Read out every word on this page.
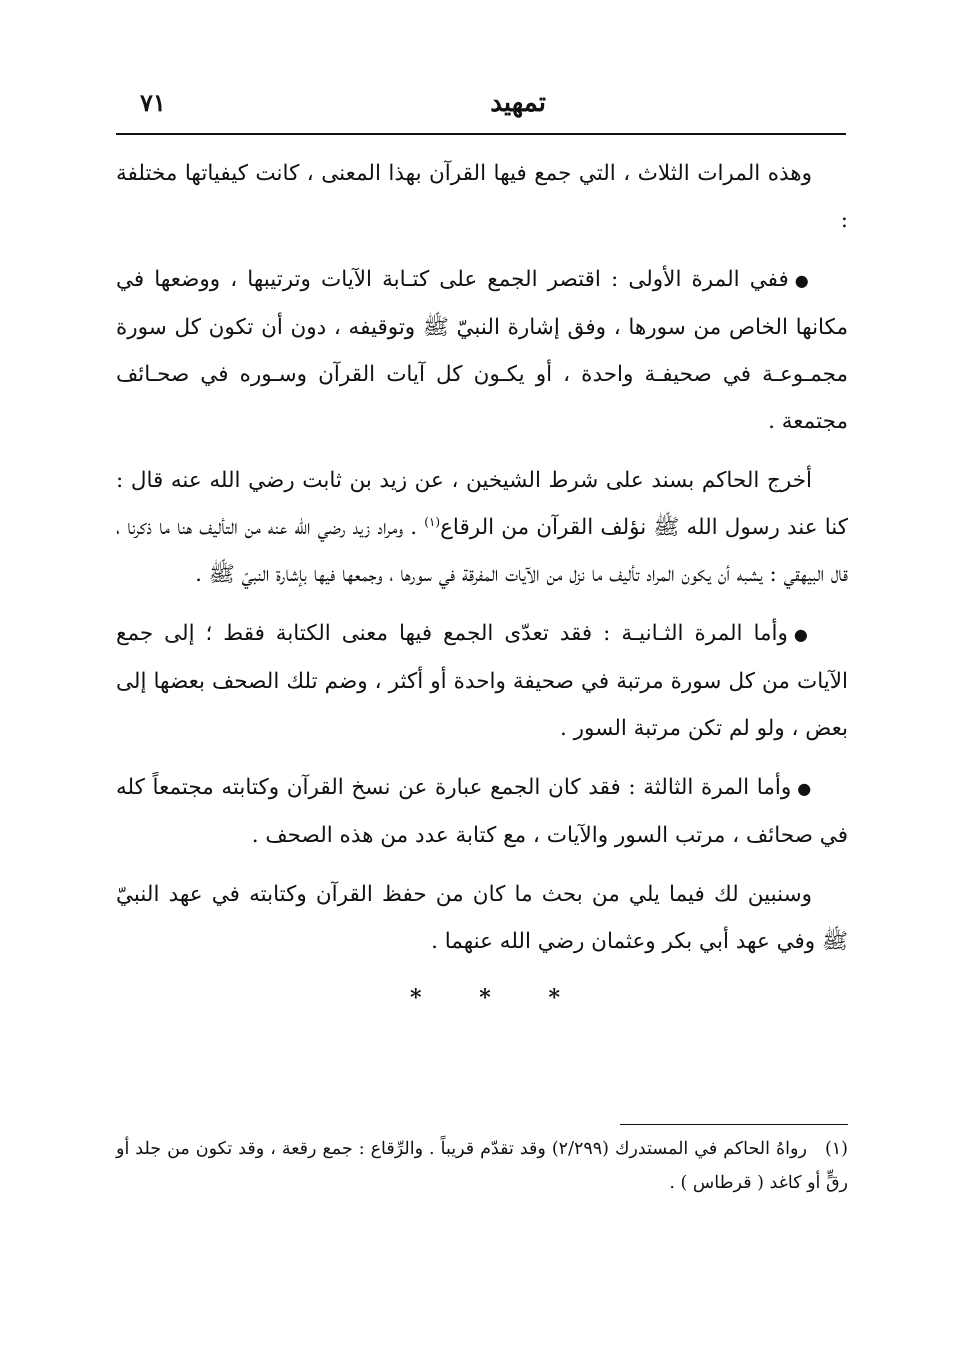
تمهيد
٧١

وهذه المرات الثلاث ، التي جمع فيها القرآن بهذا المعنى ، كانت كيفياتها مختلفة :

●ففي المرة الأولى : اقتصر الجمع على كتـابة الآيات وترتيبها ، ووضعها في مكانها الخاص من سورها ، وفق إشارة النبيّ ﷺ وتوقيفه ، دون أن تكون كل سورة مجمـوعـة في صحيفـة واحدة ، أو يكـون كل آيات القرآن وسـوره في صحـائف مجتمعة .

أخرج الحاكم بسند على شرط الشيخين ، عن زيد بن ثابت رضي الله عنه قال : كنا عند رسول الله ﷺ نؤلف القرآن من الرقاع$^{(١)}$ . ومراد زيد رضي الله عنه من التأليف هنا ما ذكرنا ، قال البيهقي : يشبه أن يكون المراد تأليف ما نزل من الآيات المفرقة في سورها ، وجمعها فيها بإشارة النبيّ ﷺ .

●وأما المرة الثـانيـة : فقد تعدّى الجمع فيها معنى الكتابة فقط ؛ إلى جمع الآيات من كل سورة مرتبة في صحيفة واحدة أو أكثر ، وضم تلك الصحف بعضها إلى بعض ، ولو لم تكن مرتبة السور .

●وأما المرة الثالثة : فقد كان الجمع عبارة عن نسخ القرآن وكتابته مجتمعاً كله في صحائف ، مرتب السور والآيات ، مع كتابة عدد من هذه الصحف .

وسنبين لك فيما يلي من بحث ما كان من حفظ القرآن وكتابته في عهد النبيّ ﷺ وفي عهد أبي بكر وعثمان رضي الله عنهما .

*	*	*

(١)رواهُ الحاكم في المستدرك (٢/٢٩٩) وقد تقدّم قريباً . والرِّقاع : جمع رقعة ، وقد تكون من جلد أو رقٍّ أو كاغد ( قرطاس ) .
